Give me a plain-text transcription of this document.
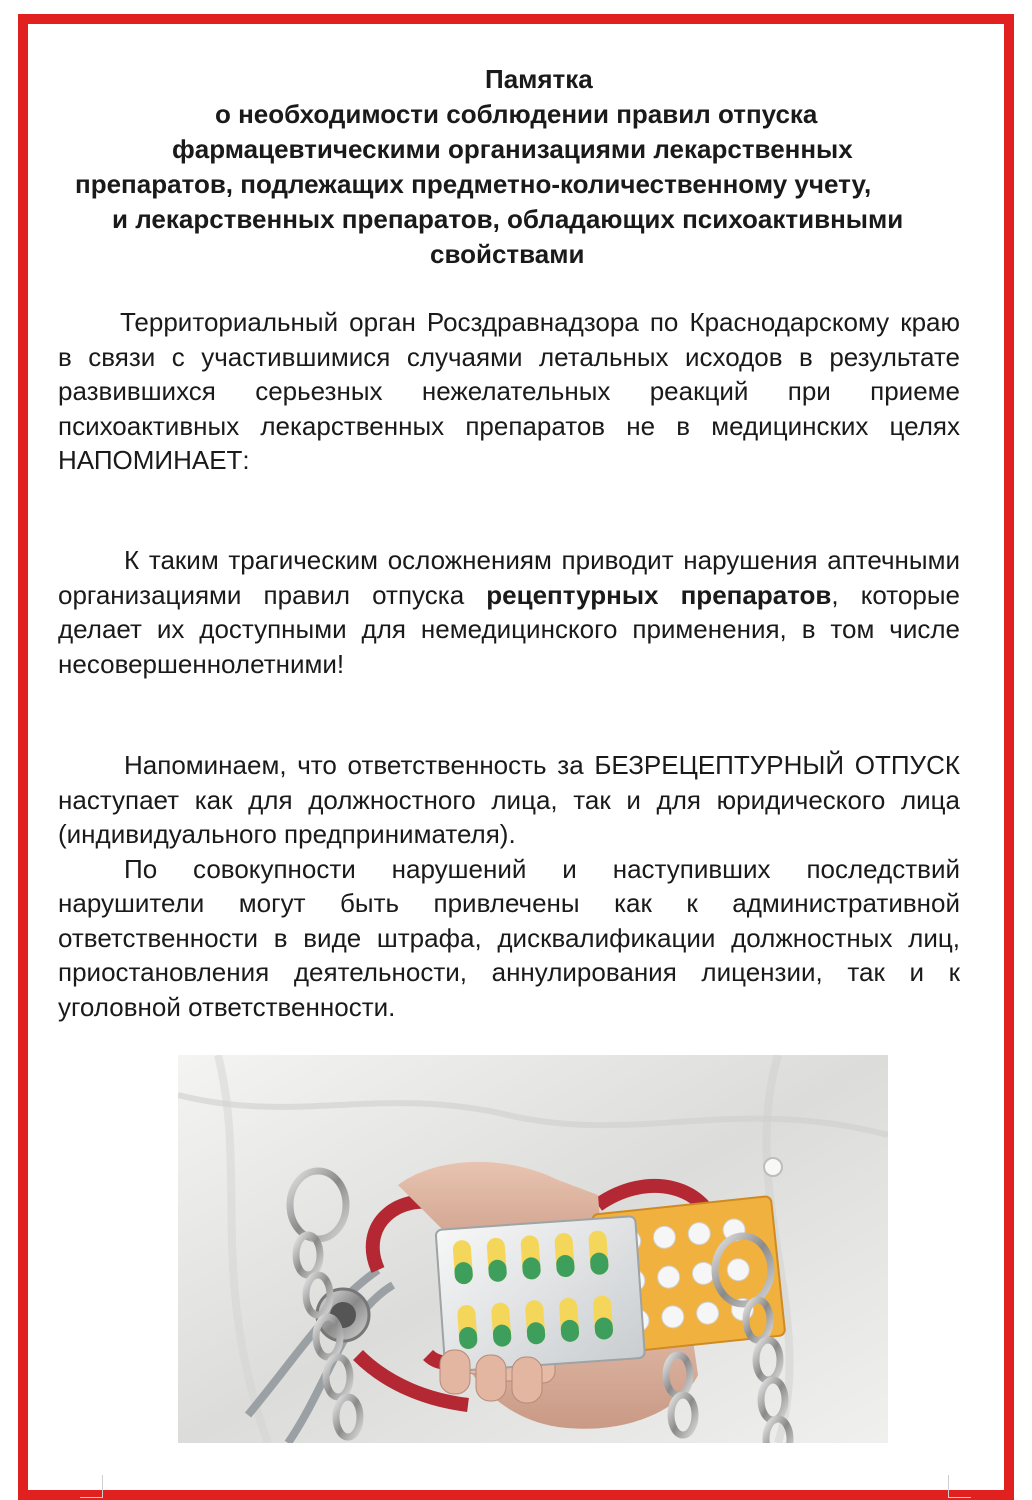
Памятка
о необходимости соблюдении правил отпуска
фармацевтическими организациями лекарственных
препаратов, подлежащих предметно-количественному учету,
и лекарственных препаратов, обладающих психоактивными
свойствами

Территориальный орган Росздравнадзора по Краснодарскому краю в связи с участившимися случаями летальных исходов в результате развившихся серьезных нежелательных реакций при приеме психоактивных лекарственных препаратов не в медицинских целях НАПОМИНАЕТ:

К таким трагическим осложнениям приводит нарушения аптечными организациями правил отпуска рецептурных препаратов, которые делает их доступными для немедицинского применения, в том числе несовершеннолетними!

Напоминаем, что ответственность за БЕЗРЕЦЕПТУРНЫЙ ОТПУСК наступает как для должностного лица, так и для юридического лица (индивидуального предпринимателя).

По совокупности нарушений и наступивших последствий нарушители могут быть привлечены как к административной ответственности в виде штрафа, дисквалификации должностных лиц, приостановления деятельности, аннулирования лицензии, так и к уголовной ответственности.
